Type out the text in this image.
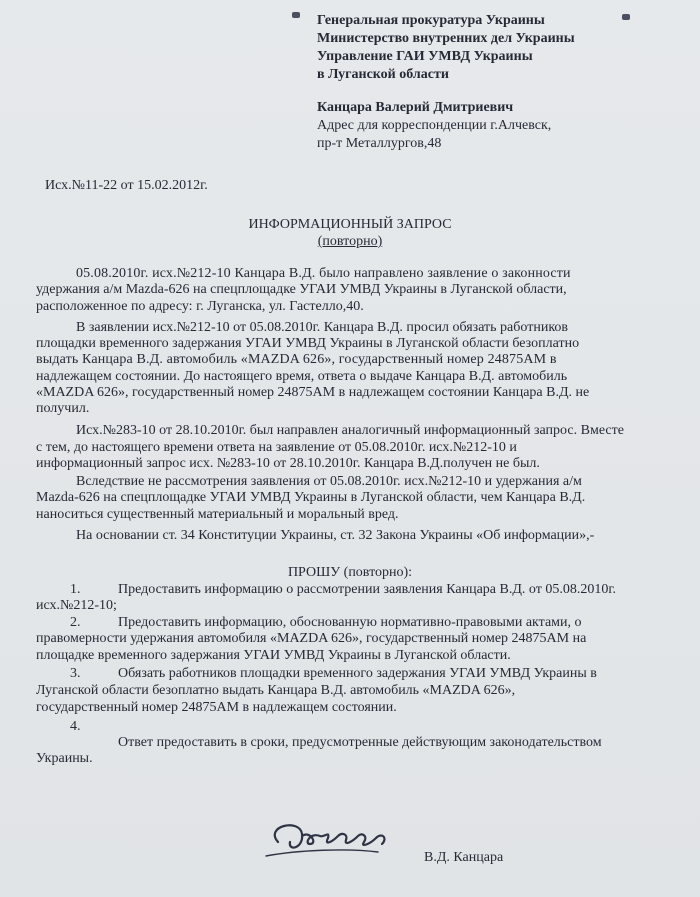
Генеральная прокуратура Украины
Министерство внутренних дел Украины
Управление ГАИ УМВД Украины
в Луганской области
Канцара Валерий Дмитриевич
Адрес для корреспонденции г.Алчевск,
пр-т Металлургов,48
Исх.№11-22 от 15.02.2012г.
ИНФОРМАЦИОННЫЙ ЗАПРОС
(повторно)
05.08.2010г. исх.№212-10 Канцара В.Д. было направлено заявление о законности
удержания а/м Mazda-626 на спецплощадке УГАИ УМВД Украины в Луганской области,
расположенное по адресу: г. Луганска, ул. Гастелло,40.
В заявлении исх.№212-10 от 05.08.2010г. Канцара В.Д. просил обязать работников
площадки временного задержания УГАИ УМВД Украины в Луганской области безоплатно
выдать Канцара В.Д. автомобиль «MAZDA 626», государственный номер 24875АМ в
надлежащем состоянии. До настоящего время, ответа о выдаче Канцара В.Д. автомобиль
«MAZDA 626», государственный номер 24875АМ в надлежащем состоянии Канцара В.Д. не
получил.
Исх.№283-10 от 28.10.2010г. был направлен аналогичный информационный запрос. Вместе
с тем, до настоящего времени ответа на заявление от 05.08.2010г. исх.№212-10 и
информационный запрос исх. №283-10 от 28.10.2010г. Канцара В.Д.получен не был.
Вследствие не рассмотрения заявления от 05.08.2010г. исх.№212-10 и удержания а/м
Mazda-626 на спецплощадке УГАИ УМВД Украины в Луганской области, чем Канцара В.Д.
наноситься существенный материальный и моральный вред.
На основании ст. 34 Конституции Украины, ст. 32 Закона Украины «Об информации»,-
ПРОШУ (повторно):
1.	Предоставить информацию о рассмотрении заявления Канцара В.Д. от 05.08.2010г.
исх.№212-10;
2.	Предоставить информацию, обоснованную нормативно-правовыми актами, о
правомерности удержания автомобиля «MAZDA 626», государственный номер 24875АМ на
площадке временного задержания УГАИ УМВД Украины в Луганской области.
3.	Обязать работников площадки временного задержания УГАИ УМВД Украины в
Луганской области безоплатно выдать Канцара В.Д. автомобиль «MAZDA 626»,
государственный номер 24875АМ в надлежащем состоянии.
4.
Ответ предоставить в сроки, предусмотренные действующим законодательством
Украины.
В.Д. Канцара
